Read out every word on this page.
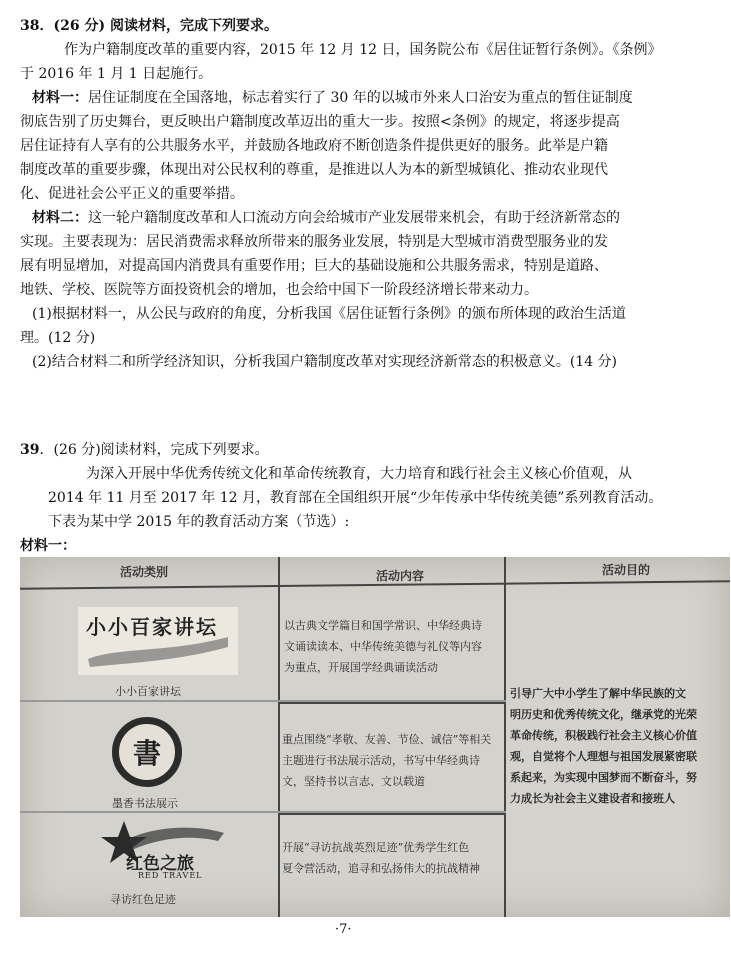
38．(26 分) 阅读材料，完成下列要求。
作为户籍制度改革的重要内容，2015 年 12 月 12 日，国务院公布《居住证暂行条例》。《条例》
于 2016 年 1 月 1 日起施行。
材料一：居住证制度在全国落地，标志着实行了 30 年的以城市外来人口治安为重点的暂住证制度
彻底告别了历史舞台，更反映出户籍制度改革迈出的重大一步。按照<条例》的规定，将逐步提高
居住证持有人享有的公共服务水平，并鼓励各地政府不断创造条件提供更好的服务。此举是户籍
制度改革的重要步骤，体现出对公民权利的尊重，是推进以人为本的新型城镇化、推动农业现代
化、促进社会公平正义的重要举措。
材料二：这一轮户籍制度改革和人口流动方向会给城市产业发展带来机会，有助于经济新常态的
实现。主要表现为：居民消费需求释放所带来的服务业发展，特别是大型城市消费型服务业的发
展有明显增加，对提高国内消费具有重要作用；巨大的基础设施和公共服务需求，特别是道路、
地铁、学校、医院等方面投资机会的增加，也会给中国下一阶段经济增长带来动力。
(1)根据材料一，从公民与政府的角度，分析我国《居住证暂行条例》的颁布所体现的政治生活道
理。(12 分)
(2)结合材料二和所学经济知识，分析我国户籍制度改革对实现经济新常态的积极意义。(14 分)
39．(26 分)阅读材料，完成下列要求。
为深入开展中华优秀传统文化和革命传统教育，大力培育和践行社会主义核心价值观，从
2014 年 11 月至 2017 年 12 月，教育部在全国组织开展“少年传承中华传统美德”系列教育活动。
下表为某中学 2015 年的教育活动方案（节选）:
材料一：
活动类别	活动内容	活动目的
小小百家讲坛
小小百家讲坛
書
墨香书法展示
红色之旅
RED TRAVEL
寻访红色足迹
以古典文学篇目和国学常识、中华经典诗
文诵读读本、中华传统美德与礼仪等内容
为重点，开展国学经典诵读活动
重点围绕“孝敬、友善、节俭、诚信”等相关
主题进行书法展示活动，书写中华经典诗
文，坚持书以言志、文以载道
开展“寻访抗战英烈足迹”优秀学生红色
夏令营活动，追寻和弘扬伟大的抗战精神
引导广大中小学生了解中华民族的文
明历史和优秀传统文化，继承党的光荣
革命传统，积极践行社会主义核心价值
观，自觉将个人理想与祖国发展紧密联
系起来，为实现中国梦而不断奋斗，努
力成长为社会主义建设者和接班人
·7·
